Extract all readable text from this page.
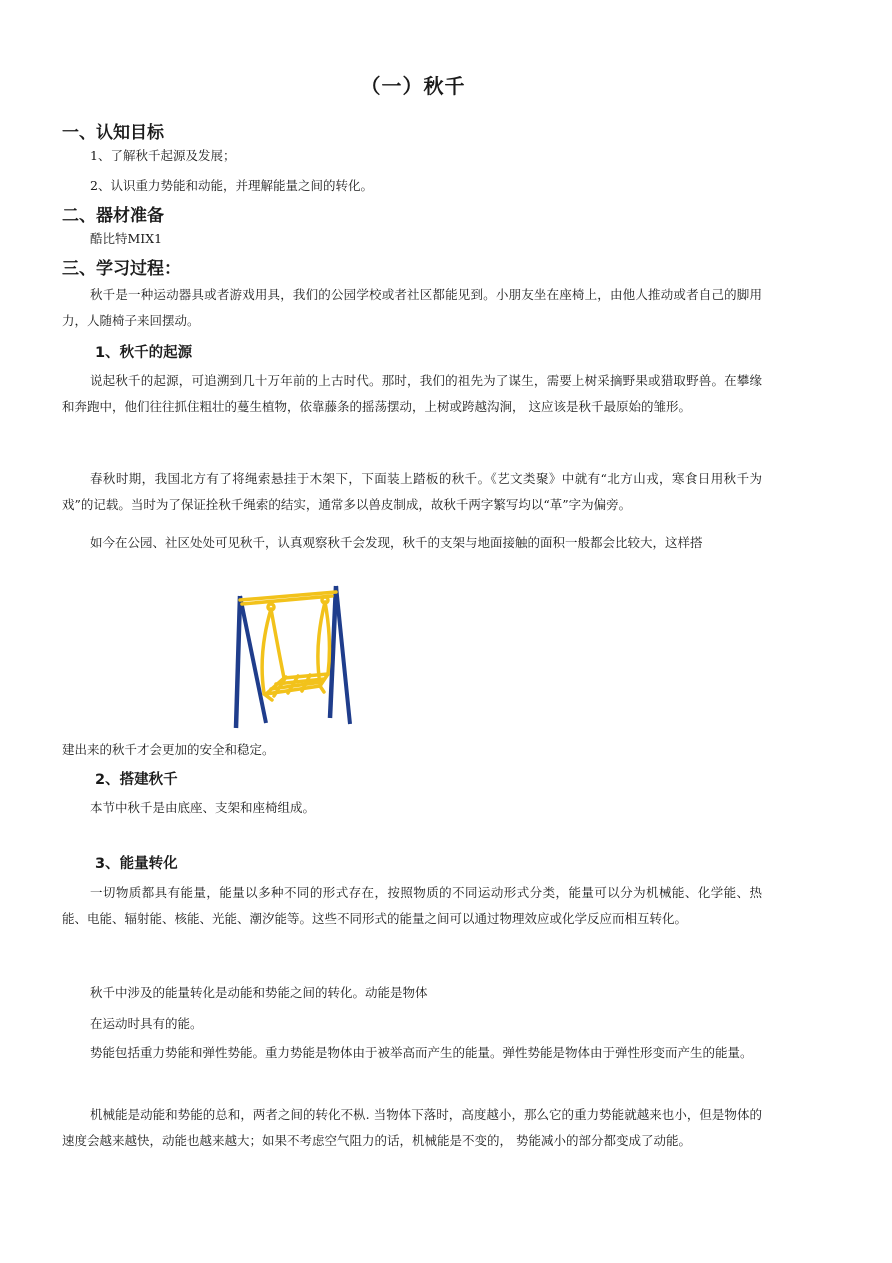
（一）秋千
一、认知目标
1、了解秋千起源及发展；
2、认识重力势能和动能，并理解能量之间的转化。
二、器材准备
酷比特MIX1
三、学习过程：
秋千是一种运动器具或者游戏用具，我们的公园学校或者社区都能见到。小朋友坐在座椅上，由他人推动或者自己的脚用力，人随椅子来回摆动。
1、秋千的起源
说起秋千的起源，可追溯到几十万年前的上古时代。那时，我们的祖先为了谋生，需要上树采摘野果或猎取野兽。在攀缘和奔跑中，他们往往抓住粗壮的蔓生植物，依靠藤条的摇荡摆动，上树或跨越沟涧， 这应该是秋千最原始的雏形。
春秋时期，我国北方有了将绳索悬挂于木架下，下面装上踏板的秋千。《艺文类聚》中就有“北方山戎，寒食日用秋千为戏”的记载。当时为了保证拴秋千绳索的结实，通常多以兽皮制成，故秋千两字繁写均以“革”字为偏旁。
如今在公园、社区处处可见秋千，认真观察秋千会发现，秋千的支架与地面接触的面积一般都会比较大，这样搭
建出来的秋千才会更加的安全和稳定。
2、搭建秋千
本节中秋千是由底座、支架和座椅组成。
3、能量转化
一切物质都具有能量，能量以多种不同的形式存在，按照物质的不同运动形式分类，能量可以分为机械能、化学能、热能、电能、辐射能、核能、光能、潮汐能等。这些不同形式的能量之间可以通过物理效应或化学反应而相互转化。
秋千中涉及的能量转化是动能和势能之间的转化。动能是物体
在运动时具有的能。
势能包括重力势能和弹性势能。重力势能是物体由于被举高而产生的能量。弹性势能是物体由于弹性形变而产生的能量。
机械能是动能和势能的总和，两者之间的转化不枞. 当物体下落时，高度越小，那么它的重力势能就越来也小，但是物体的速度会越来越快，动能也越来越大；如果不考虑空气阻力的话，机械能是不变的， 势能减小的部分都变成了动能。
